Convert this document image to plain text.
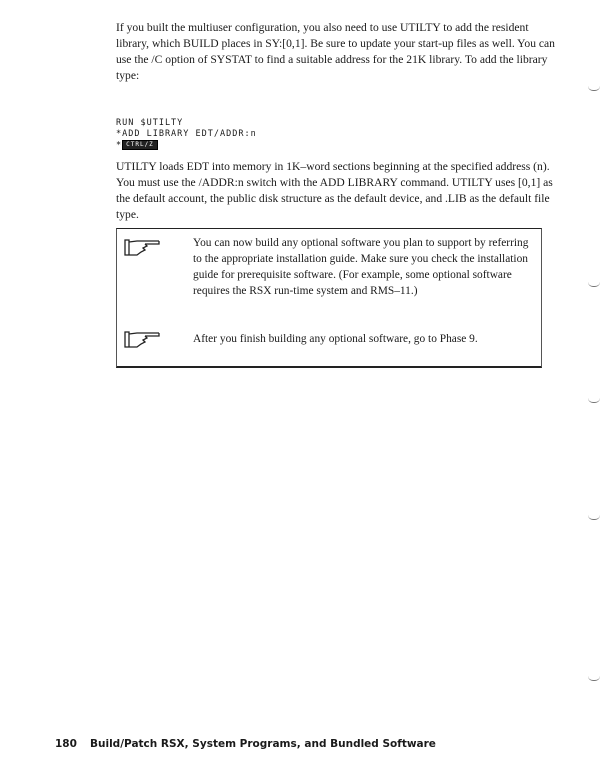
If you built the multiuser configuration, you also need to use UTILTY to add the resident library, which BUILD places in SY:[0,1]. Be sure to update your start-up files as well. You can use the /C option of SYSTAT to find a suitable address for the 21K library. To add the library type:
RUN $UTILTY
*ADD LIBRARY EDT/ADDR:n
* CTRL/Z
UTILTY loads EDT into memory in 1K–word sections beginning at the specified address (n). You must use the /ADDR:n switch with the ADD LIBRARY command. UTILTY uses [0,1] as the default account, the public disk structure as the default device, and .LIB as the default file type.
You can now build any optional software you plan to support by referring to the appropriate installation guide. Make sure you check the installation guide for prerequisite software. (For example, some optional software requires the RSX run-time system and RMS–11.)
After you finish building any optional software, go to Phase 9.
180 Build/Patch RSX, System Programs, and Bundled Software
